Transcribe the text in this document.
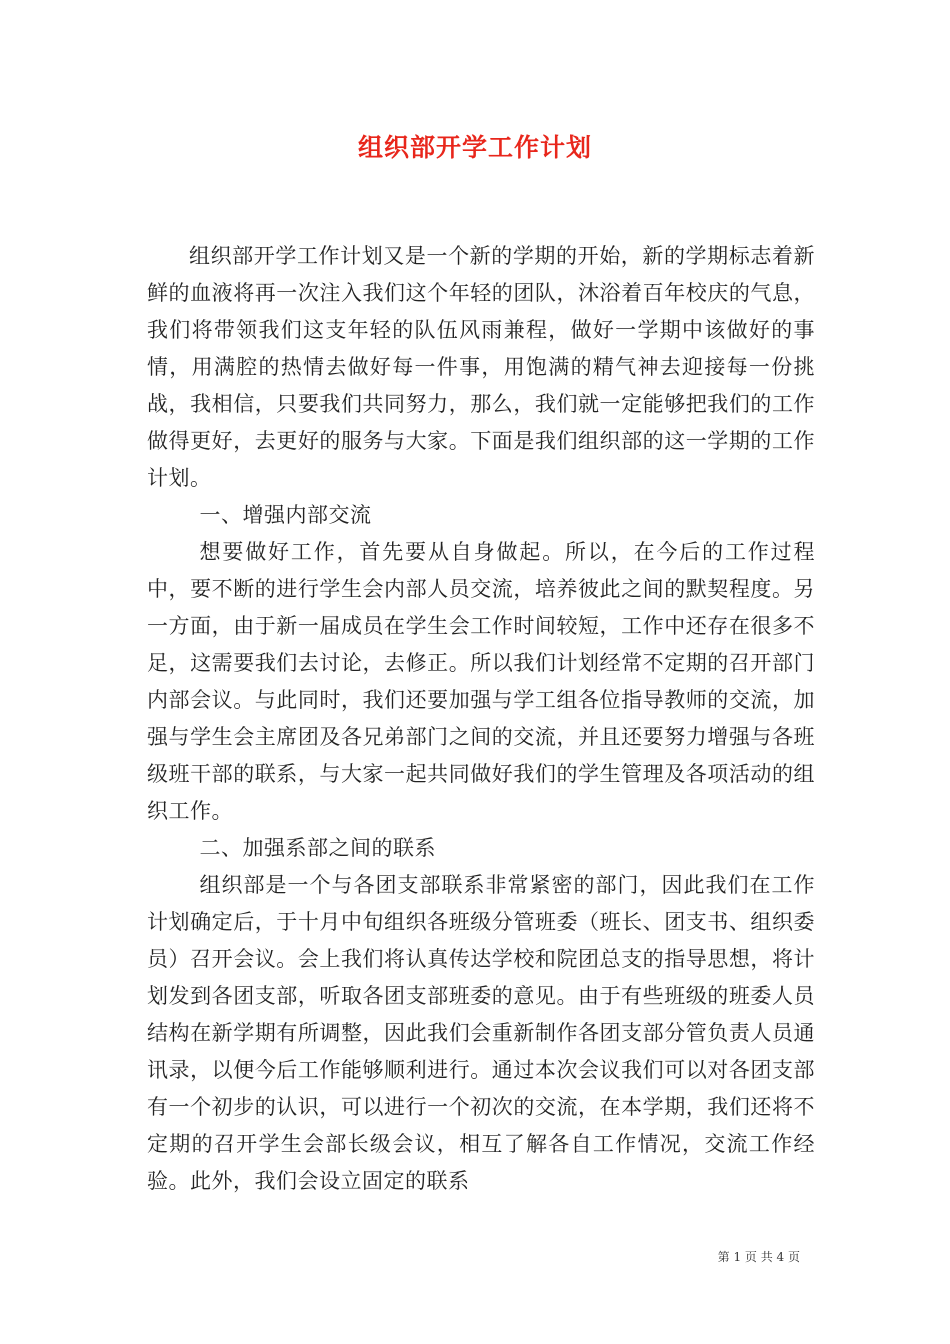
组织部开学工作计划

组织部开学工作计划又是一个新的学期的开始，新的学期标志着新鲜的血液将再一次注入我们这个年轻的团队，沐浴着百年校庆的气息，我们将带领我们这支年轻的队伍风雨兼程，做好一学期中该做好的事情，用满腔的热情去做好每一件事，用饱满的精气神去迎接每一份挑战，我相信，只要我们共同努力，那么，我们就一定能够把我们的工作做得更好，去更好的服务与大家。下面是我们组织部的这一学期的工作计划。

一、增强内部交流

想要做好工作，首先要从自身做起。所以，在今后的工作过程中，要不断的进行学生会内部人员交流，培养彼此之间的默契程度。另一方面，由于新一届成员在学生会工作时间较短，工作中还存在很多不足，这需要我们去讨论，去修正。所以我们计划经常不定期的召开部门内部会议。与此同时，我们还要加强与学工组各位指导教师的交流，加强与学生会主席团及各兄弟部门之间的交流，并且还要努力增强与各班级班干部的联系，与大家一起共同做好我们的学生管理及各项活动的组织工作。

二、加强系部之间的联系

组织部是一个与各团支部联系非常紧密的部门，因此我们在工作计划确定后，于十月中旬组织各班级分管班委（班长、团支书、组织委员）召开会议。会上我们将认真传达学校和院团总支的指导思想，将计划发到各团支部，听取各团支部班委的意见。由于有些班级的班委人员结构在新学期有所调整，因此我们会重新制作各团支部分管负责人员通讯录，以便今后工作能够顺利进行。通过本次会议我们可以对各团支部有一个初步的认识，可以进行一个初次的交流，在本学期，我们还将不定期的召开学生会部长级会议，相互了解各自工作情况，交流工作经验。此外，我们会设立固定的联系

第 1 页 共 4 页
